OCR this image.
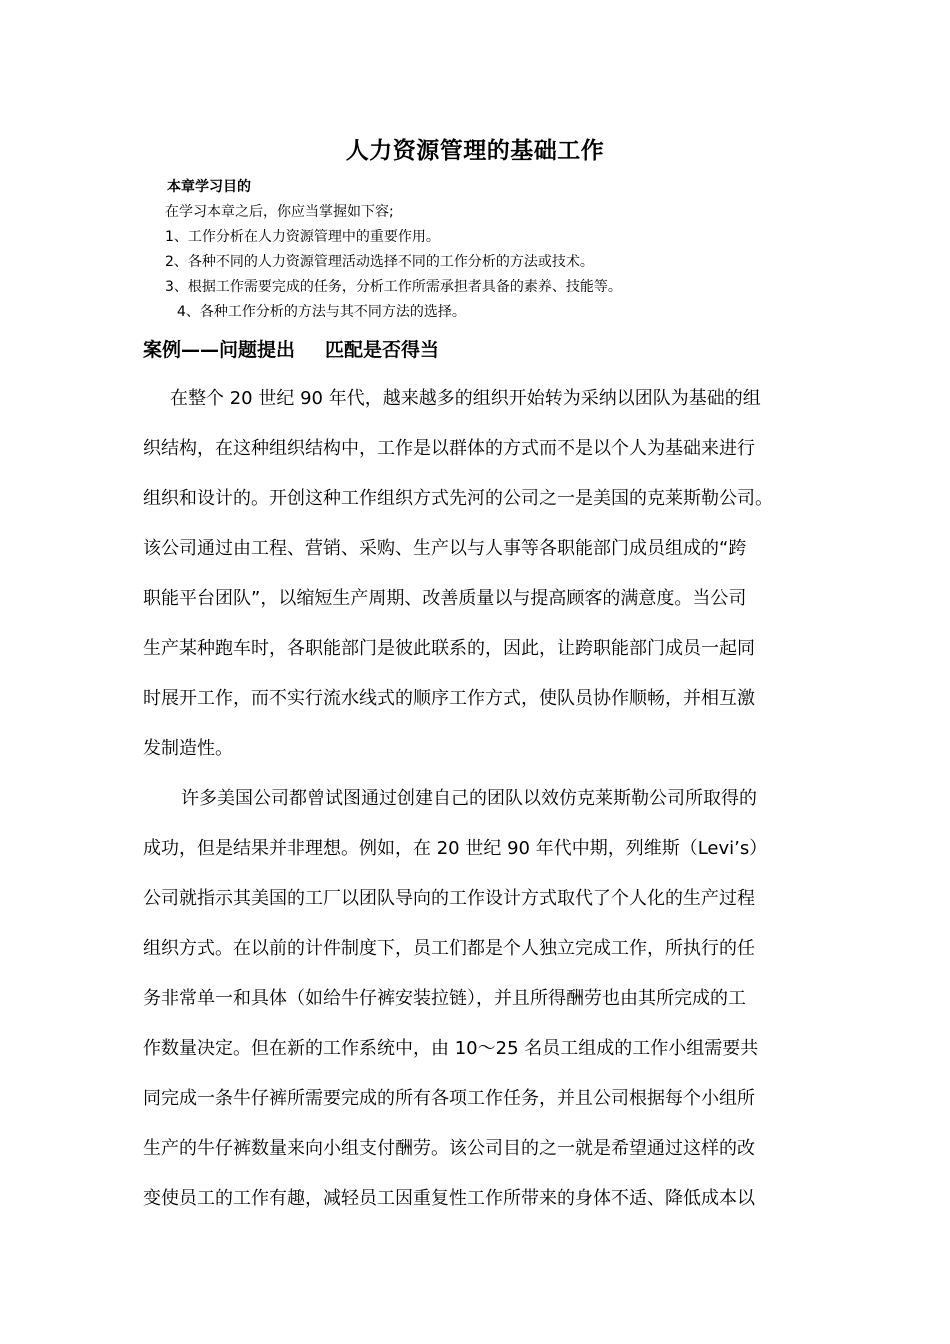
人力资源管理的基础工作
本章学习目的
在学习本章之后，你应当掌握如下容;
1、工作分析在人力资源管理中的重要作用。
2、各种不同的人力资源管理活动选择不同的工作分析的方法或技术。
3、根据工作需要完成的任务，分析工作所需承担者具备的素养、技能等。
4、各种工作分析的方法与其不同方法的选择。
案例——问题提出 匹配是否得当
在整个 20 世纪 90 年代，越来越多的组织开始转为采纳以团队为基础的组
织结构，在这种组织结构中，工作是以群体的方式而不是以个人为基础来进行
组织和设计的。开创这种工作组织方式先河的公司之一是美国的克莱斯勒公司。
该公司通过由工程、营销、采购、生产以与人事等各职能部门成员组成的“跨
职能平台团队”，以缩短生产周期、改善质量以与提高顾客的满意度。当公司
生产某种跑车时，各职能部门是彼此联系的，因此，让跨职能部门成员一起同
时展开工作，而不实行流水线式的顺序工作方式，使队员协作顺畅，并相互激
发制造性。
许多美国公司都曾试图通过创建自己的团队以效仿克莱斯勒公司所取得的
成功，但是结果并非理想。例如，在 20 世纪 90 年代中期，列维斯（Levi’s）
公司就指示其美国的工厂以团队导向的工作设计方式取代了个人化的生产过程
组织方式。在以前的计件制度下，员工们都是个人独立完成工作，所执行的任
务非常单一和具体（如给牛仔裤安装拉链），并且所得酬劳也由其所完成的工
作数量决定。但在新的工作系统中，由 10～25 名员工组成的工作小组需要共
同完成一条牛仔裤所需要完成的所有各项工作任务，并且公司根据每个小组所
生产的牛仔裤数量来向小组支付酬劳。该公司目的之一就是希望通过这样的改
变使员工的工作有趣，减轻员工因重复性工作所带来的身体不适、降低成本以
